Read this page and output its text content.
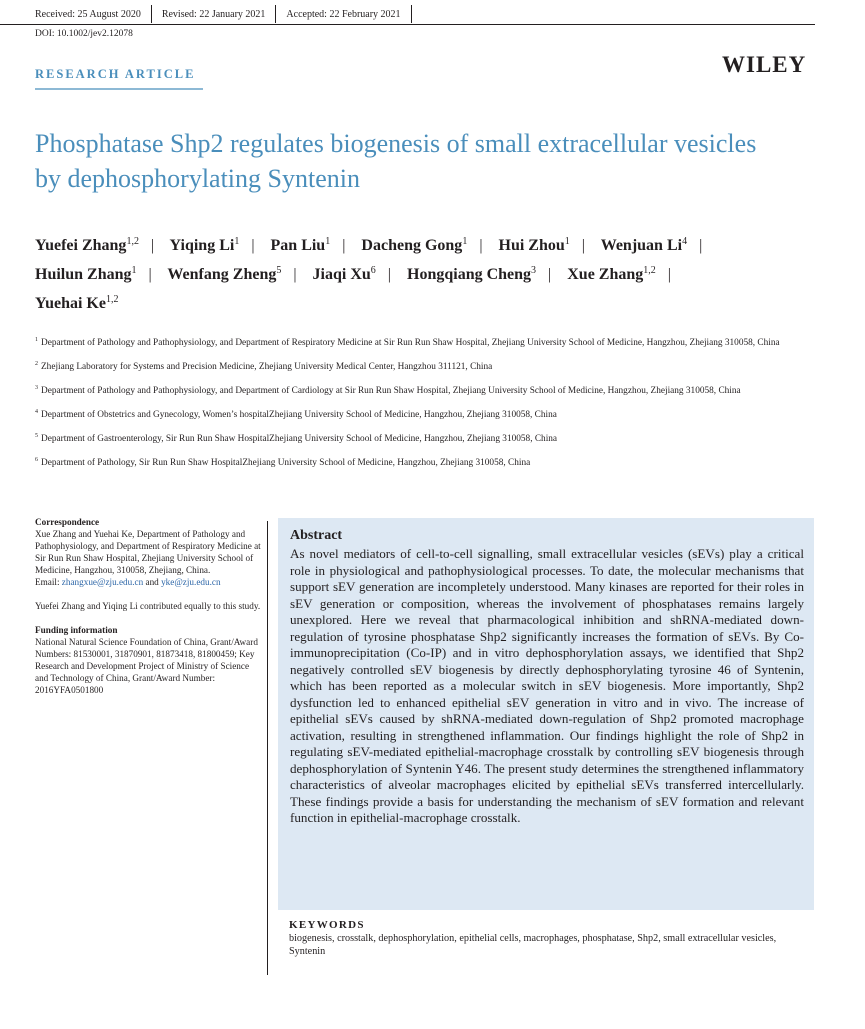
Received: 25 August 2020 Revised: 22 January 2021 Accepted: 22 February 2021
DOI: 10.1002/jev2.12078
RESEARCH ARTICLE	WILEY
Phosphatase Shp2 regulates biogenesis of small extracellular vesicles by dephosphorylating Syntenin
Yuefei Zhang$^{1,2}$ | Yiqing Li$^1$ | Pan Liu$^1$ | Dacheng Gong$^1$ | Hui Zhou$^1$ | Wenjuan Li$^4$ |
Huilun Zhang$^1$ | Wenfang Zheng$^5$ | Jiaqi Xu$^6$ | Hongqiang Cheng$^3$ | Xue Zhang$^{1,2}$ |
Yuehai Ke$^{1,2}$
$^1$ Department of Pathology and Pathophysiology, and Department of Respiratory Medicine at Sir Run Run Shaw Hospital, Zhejiang University School of Medicine, Hangzhou, Zhejiang 310058, China
$^2$ Zhejiang Laboratory for Systems and Precision Medicine, Zhejiang University Medical Center, Hangzhou 311121, China
$^3$ Department of Pathology and Pathophysiology, and Department of Cardiology at Sir Run Run Shaw Hospital, Zhejiang University School of Medicine, Hangzhou, Zhejiang 310058, China
$^4$ Department of Obstetrics and Gynecology, Women’s hospitalZhejiang University School of Medicine, Hangzhou, Zhejiang 310058, China
$^5$ Department of Gastroenterology, Sir Run Run Shaw HospitalZhejiang University School of Medicine, Hangzhou, Zhejiang 310058, China
$^6$ Department of Pathology, Sir Run Run Shaw HospitalZhejiang University School of Medicine, Hangzhou, Zhejiang 310058, China
Correspondence
Xue Zhang and Yuehai Ke, Department of Pathology and Pathophysiology, and Department of Respiratory Medicine at Sir Run Run Shaw Hospital, Zhejiang University School of Medicine, Hangzhou, 310058, Zhejiang, China.
Email: zhangxue@zju.edu.cn and yke@zju.edu.cn
Yuefei Zhang and Yiqing Li contributed equally to this study.
Funding information
National Natural Science Foundation of China, Grant/Award Numbers: 81530001, 31870901, 81873418, 81800459; Key Research and Development Project of Ministry of Science and Technology of China, Grant/Award Number: 2016YFA0501800
Abstract
As novel mediators of cell-to-cell signalling, small extracellular vesicles (sEVs) play a critical role in physiological and pathophysiological processes. To date, the molecular mechanisms that support sEV generation are incompletely understood. Many kinases are reported for their roles in sEV generation or composition, whereas the involvement of phosphatases remains largely unexplored. Here we reveal that pharmacological inhibition and shRNA-mediated down-regulation of tyrosine phosphatase Shp2 significantly increases the formation of sEVs. By Co-immunoprecipitation (Co-IP) and in vitro dephosphorylation assays, we identified that Shp2 negatively controlled sEV biogenesis by directly dephosphorylating tyrosine 46 of Syntenin, which has been reported as a molecular switch in sEV biogenesis. More importantly, Shp2 dysfunction led to enhanced epithelial sEV generation in vitro and in vivo. The increase of epithelial sEVs caused by shRNA-mediated down-regulation of Shp2 promoted macrophage activation, resulting in strengthened inflammation. Our findings highlight the role of Shp2 in regulating sEV-mediated epithelial-macrophage crosstalk by controlling sEV biogenesis through dephosphorylation of Syntenin Y46. The present study determines the strengthened inflammatory characteristics of alveolar macrophages elicited by epithelial sEVs transferred intercellularly. These findings provide a basis for understanding the mechanism of sEV formation and relevant function in epithelial-macrophage crosstalk.
KEYWORDS
biogenesis, crosstalk, dephosphorylation, epithelial cells, macrophages, phosphatase, Shp2, small extracellular vesicles, Syntenin
